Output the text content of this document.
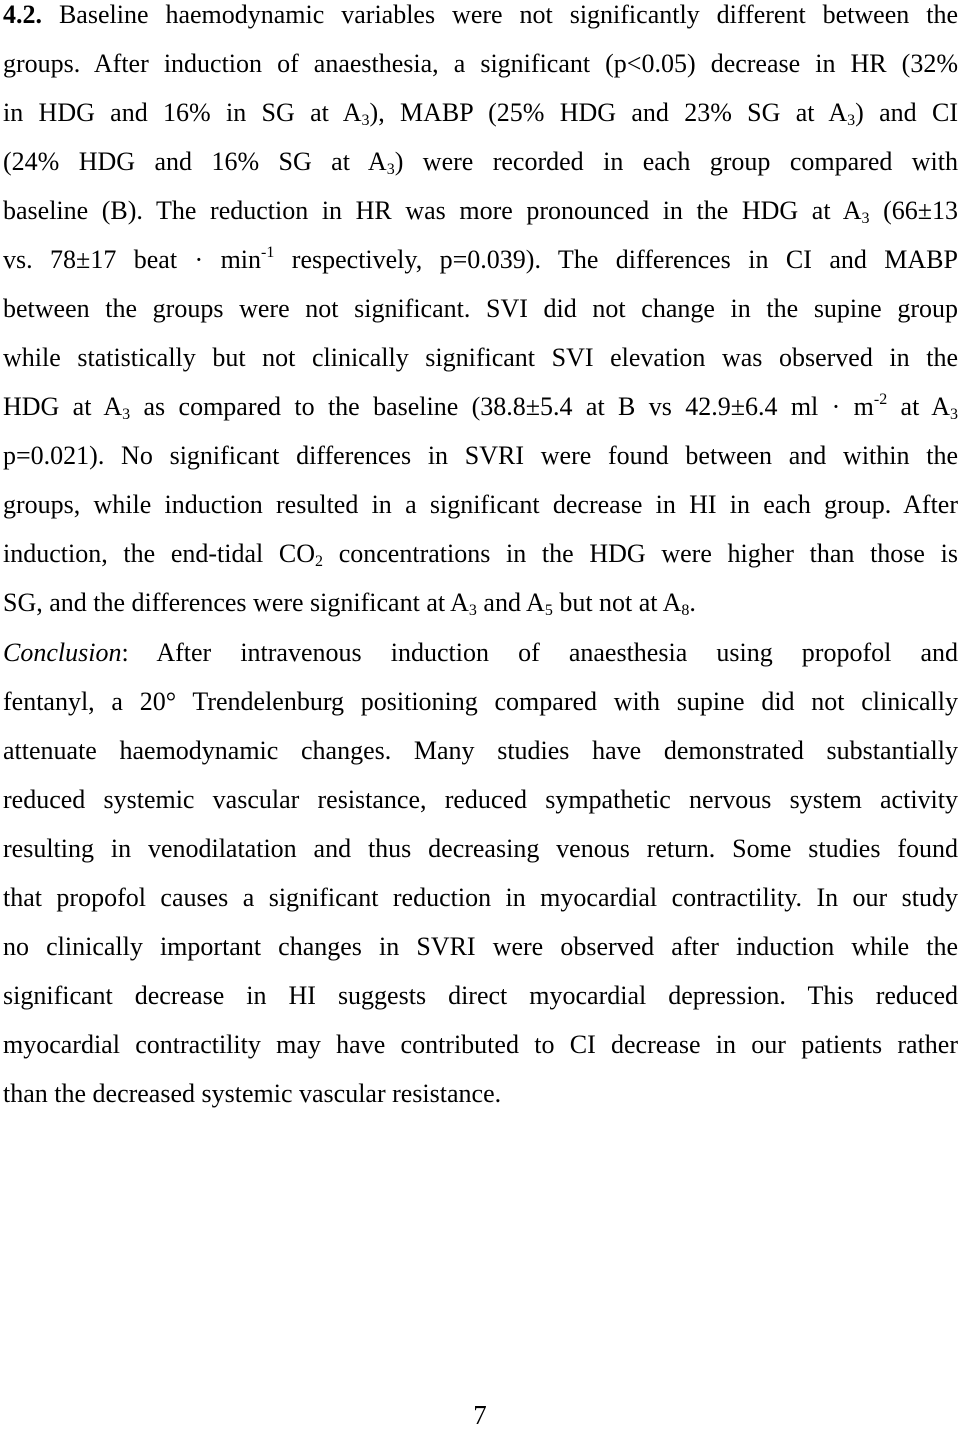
4.2. Baseline haemodynamic variables were not significantly different between the
groups. After induction of anaesthesia, a significant (p<0.05) decrease in HR (32%
in HDG and 16% in SG at $A_3$), MABP (25% HDG and 23% SG at $A_3$) and CI
(24% HDG and 16% SG at $A_3$) were recorded in each group compared with
baseline (B). The reduction in HR was more pronounced in the HDG at $A_3$ (66±13
vs. 78±17 beat · $\min^{-1}$ respectively, p=0.039). The differences in CI and MABP
between the groups were not significant. SVI did not change in the supine group
while statistically but not clinically significant SVI elevation was observed in the
HDG at $A_3$ as compared to the baseline (38.8±5.4 at B vs 42.9±6.4 ml · $m^{-2}$ at $A_3$
p=0.021). No significant differences in SVRI were found between and within the
groups, while induction resulted in a significant decrease in HI in each group. After
induction, the end-tidal $CO_2$ concentrations in the HDG were higher than those is
SG, and the differences were significant at $A_3$ and $A_5$ but not at $A_8$.
Conclusion: After intravenous induction of anaesthesia using propofol and
fentanyl, a 20° Trendelenburg positioning compared with supine did not clinically
attenuate haemodynamic changes. Many studies have demonstrated substantially
reduced systemic vascular resistance, reduced sympathetic nervous system activity
resulting in venodilatation and thus decreasing venous return. Some studies found
that propofol causes a significant reduction in myocardial contractility. In our study
no clinically important changes in SVRI were observed after induction while the
significant decrease in HI suggests direct myocardial depression. This reduced
myocardial contractility may have contributed to CI decrease in our patients rather
than the decreased systemic vascular resistance.
7
